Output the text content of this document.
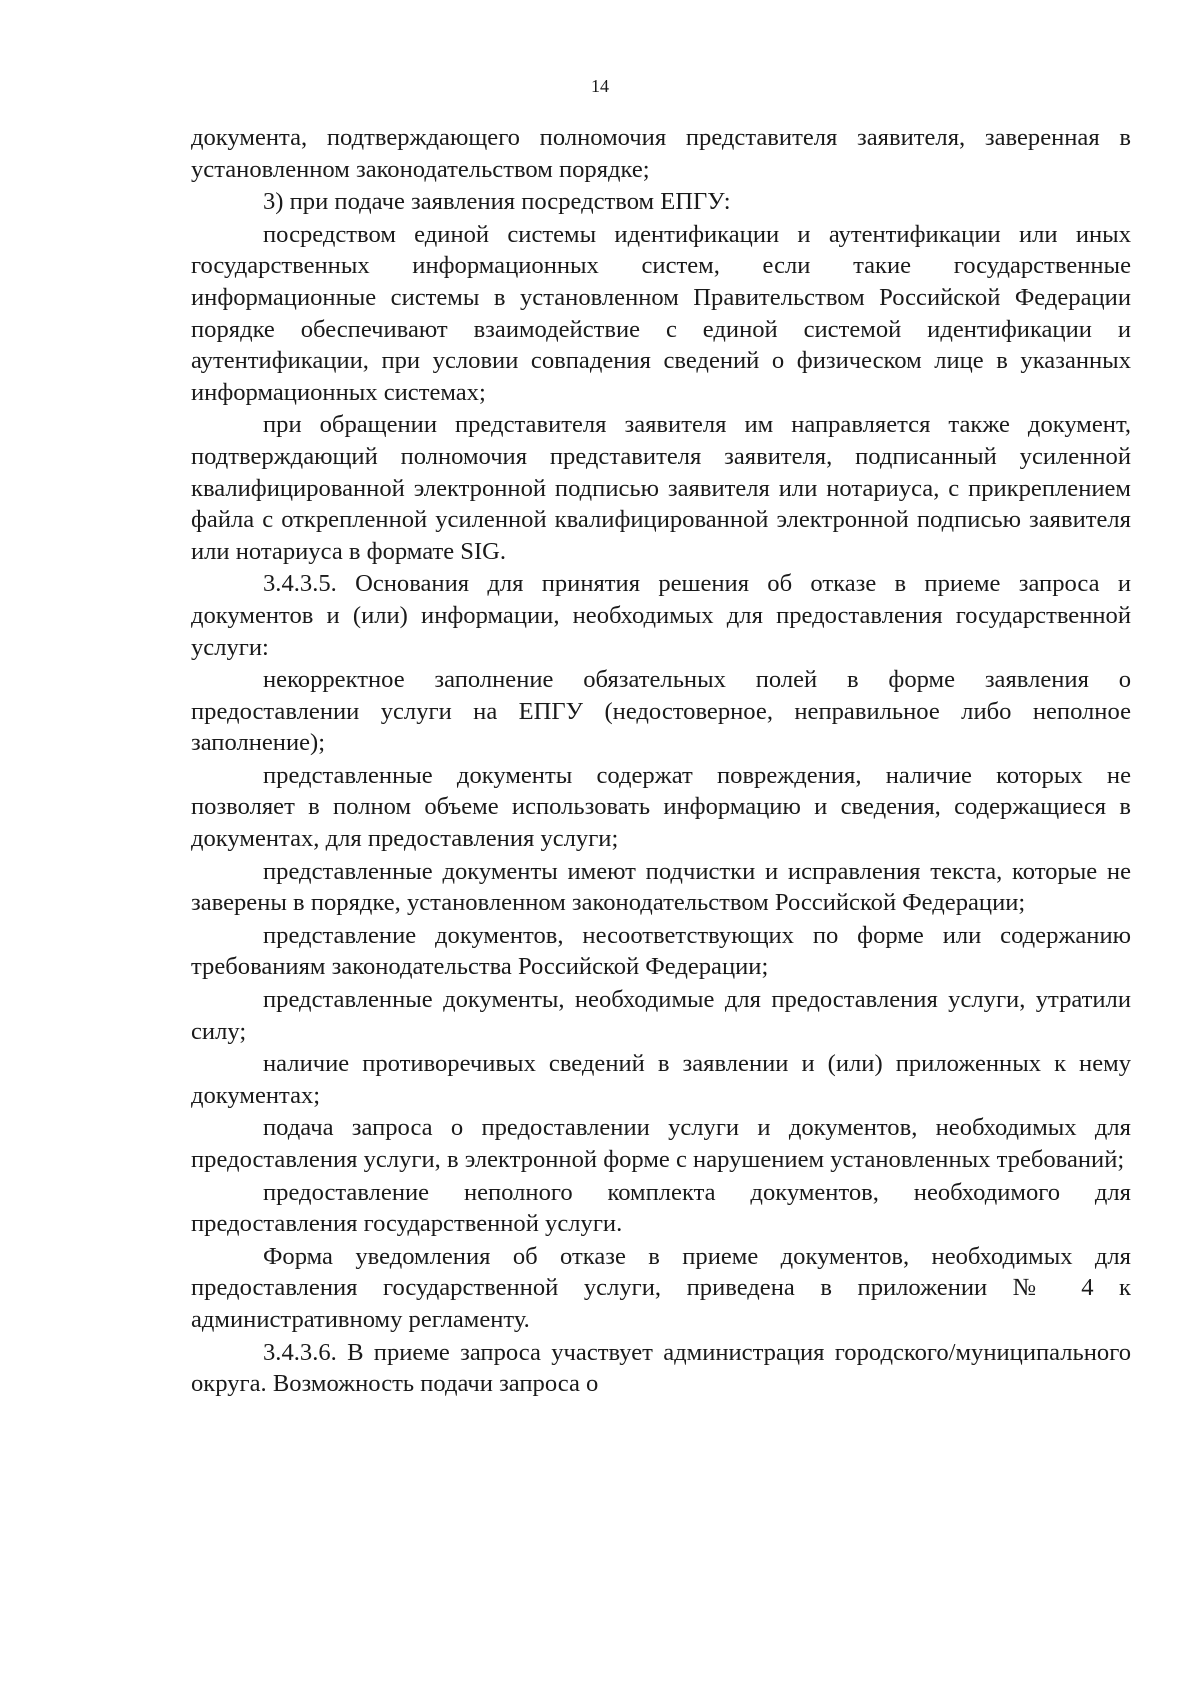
14

документа, подтверждающего полномочия представителя заявителя, заверенная в установленном законодательством порядке;

3) при подаче заявления посредством ЕПГУ:

посредством единой системы идентификации и аутентификации или иных государственных информационных систем, если такие государственные информационные системы в установленном Правительством Российской Федерации порядке обеспечивают взаимодействие с единой системой идентификации и аутентификации, при условии совпадения сведений о физическом лице в указанных информационных системах;

при обращении представителя заявителя им направляется также документ, подтверждающий полномочия представителя заявителя, подписанный усиленной квалифицированной электронной подписью заявителя или нотариуса, с прикреплением файла с открепленной усиленной квалифицированной электронной подписью заявителя или нотариуса в формате SIG.

3.4.3.5. Основания для принятия решения об отказе в приеме запроса и документов и (или) информации, необходимых для предоставления государственной услуги:

некорректное заполнение обязательных полей в форме заявления о предоставлении услуги на ЕПГУ (недостоверное, неправильное либо неполное заполнение);

представленные документы содержат повреждения, наличие которых не позволяет в полном объеме использовать информацию и сведения, содержащиеся в документах, для предоставления услуги;

представленные документы имеют подчистки и исправления текста, которые не заверены в порядке, установленном законодательством Российской Федерации;

представление документов, несоответствующих по форме или содержанию требованиям законодательства Российской Федерации;

представленные документы, необходимые для предоставления услуги, утратили силу;

наличие противоречивых сведений в заявлении и (или) приложенных к нему документах;

подача запроса о предоставлении услуги и документов, необходимых для предоставления услуги, в электронной форме с нарушением установленных требований;

предоставление неполного комплекта документов, необходимого для предоставления государственной услуги.

Форма уведомления об отказе в приеме документов, необходимых для предоставления государственной услуги, приведена в приложении № 4 к административному регламенту.

3.4.3.6. В приеме запроса участвует администрация городского/муниципального округа. Возможность подачи запроса о
